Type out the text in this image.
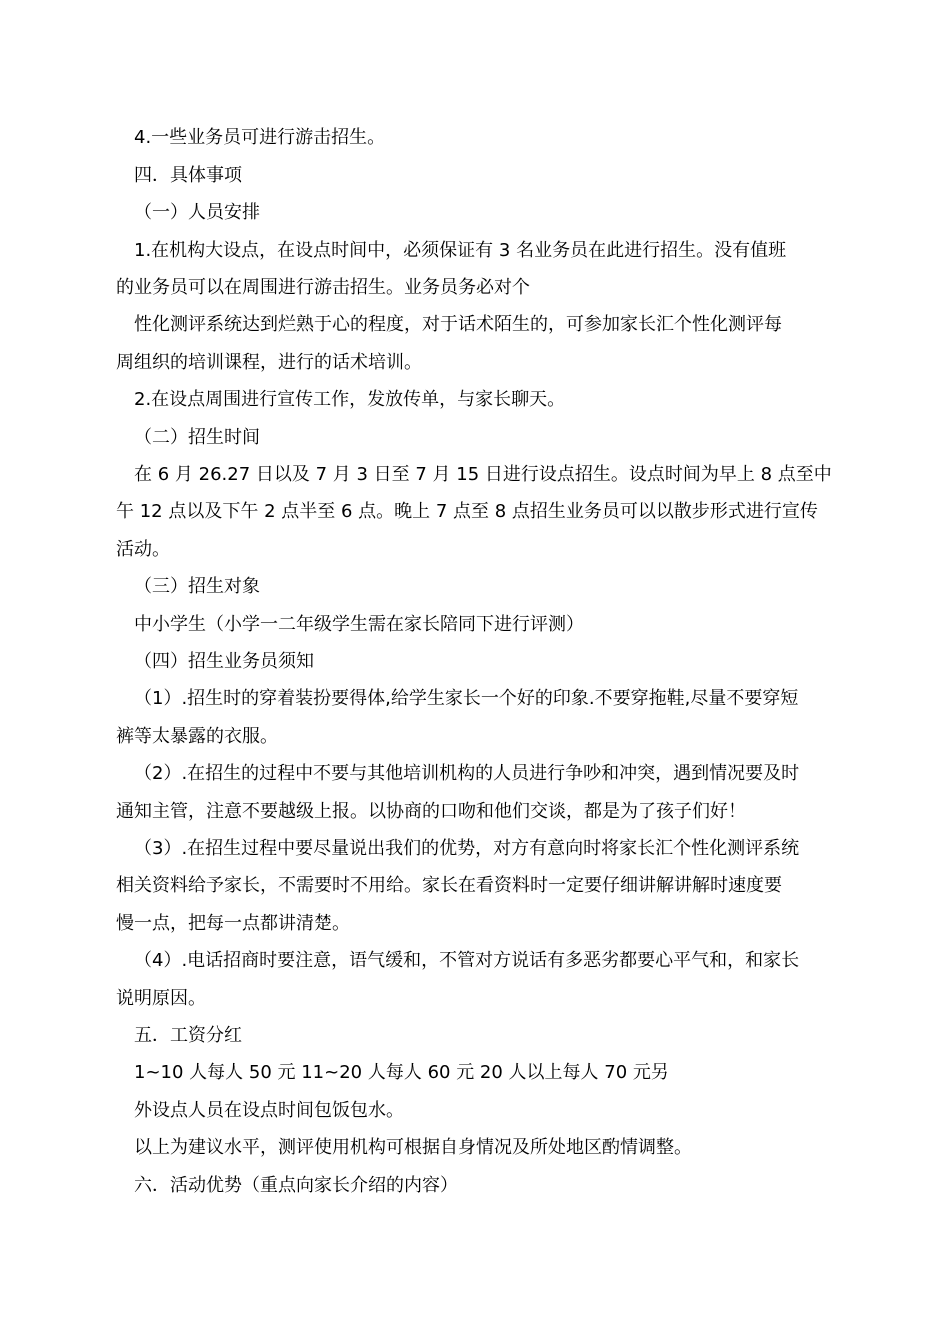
4.一些业务员可进行游击招生。
四．具体事项
（一）人员安排
1.在机构大设点，在设点时间中，必须保证有 3 名业务员在此进行招生。没有值班
的业务员可以在周围进行游击招生。业务员务必对个
性化测评系统达到烂熟于心的程度，对于话术陌生的，可参加家长汇个性化测评每
周组织的培训课程，进行的话术培训。
2.在设点周围进行宣传工作，发放传单，与家长聊天。
（二）招生时间
在 6 月 26.27 日以及 7 月 3 日至 7 月 15 日进行设点招生。设点时间为早上 8 点至中
午 12 点以及下午 2 点半至 6 点。晚上 7 点至 8 点招生业务员可以以散步形式进行宣传
活动。
（三）招生对象
中小学生（小学一二年级学生需在家长陪同下进行评测）
（四）招生业务员须知
（1）.招生时的穿着装扮要得体,给学生家长一个好的印象.不要穿拖鞋,尽量不要穿短
裤等太暴露的衣服。
（2）.在招生的过程中不要与其他培训机构的人员进行争吵和冲突，遇到情况要及时
通知主管，注意不要越级上报。以协商的口吻和他们交谈，都是为了孩子们好！
（3）.在招生过程中要尽量说出我们的优势，对方有意向时将家长汇个性化测评系统
相关资料给予家长，不需要时不用给。家长在看资料时一定要仔细讲解讲解时速度要
慢一点，把每一点都讲清楚。
（4）.电话招商时要注意，语气缓和，不管对方说话有多恶劣都要心平气和，和家长
说明原因。
五．工资分红
1~10 人每人 50 元 11~20 人每人 60 元 20 人以上每人 70 元另
外设点人员在设点时间包饭包水。
以上为建议水平，测评使用机构可根据自身情况及所处地区酌情调整。
六．活动优势（重点向家长介绍的内容）
